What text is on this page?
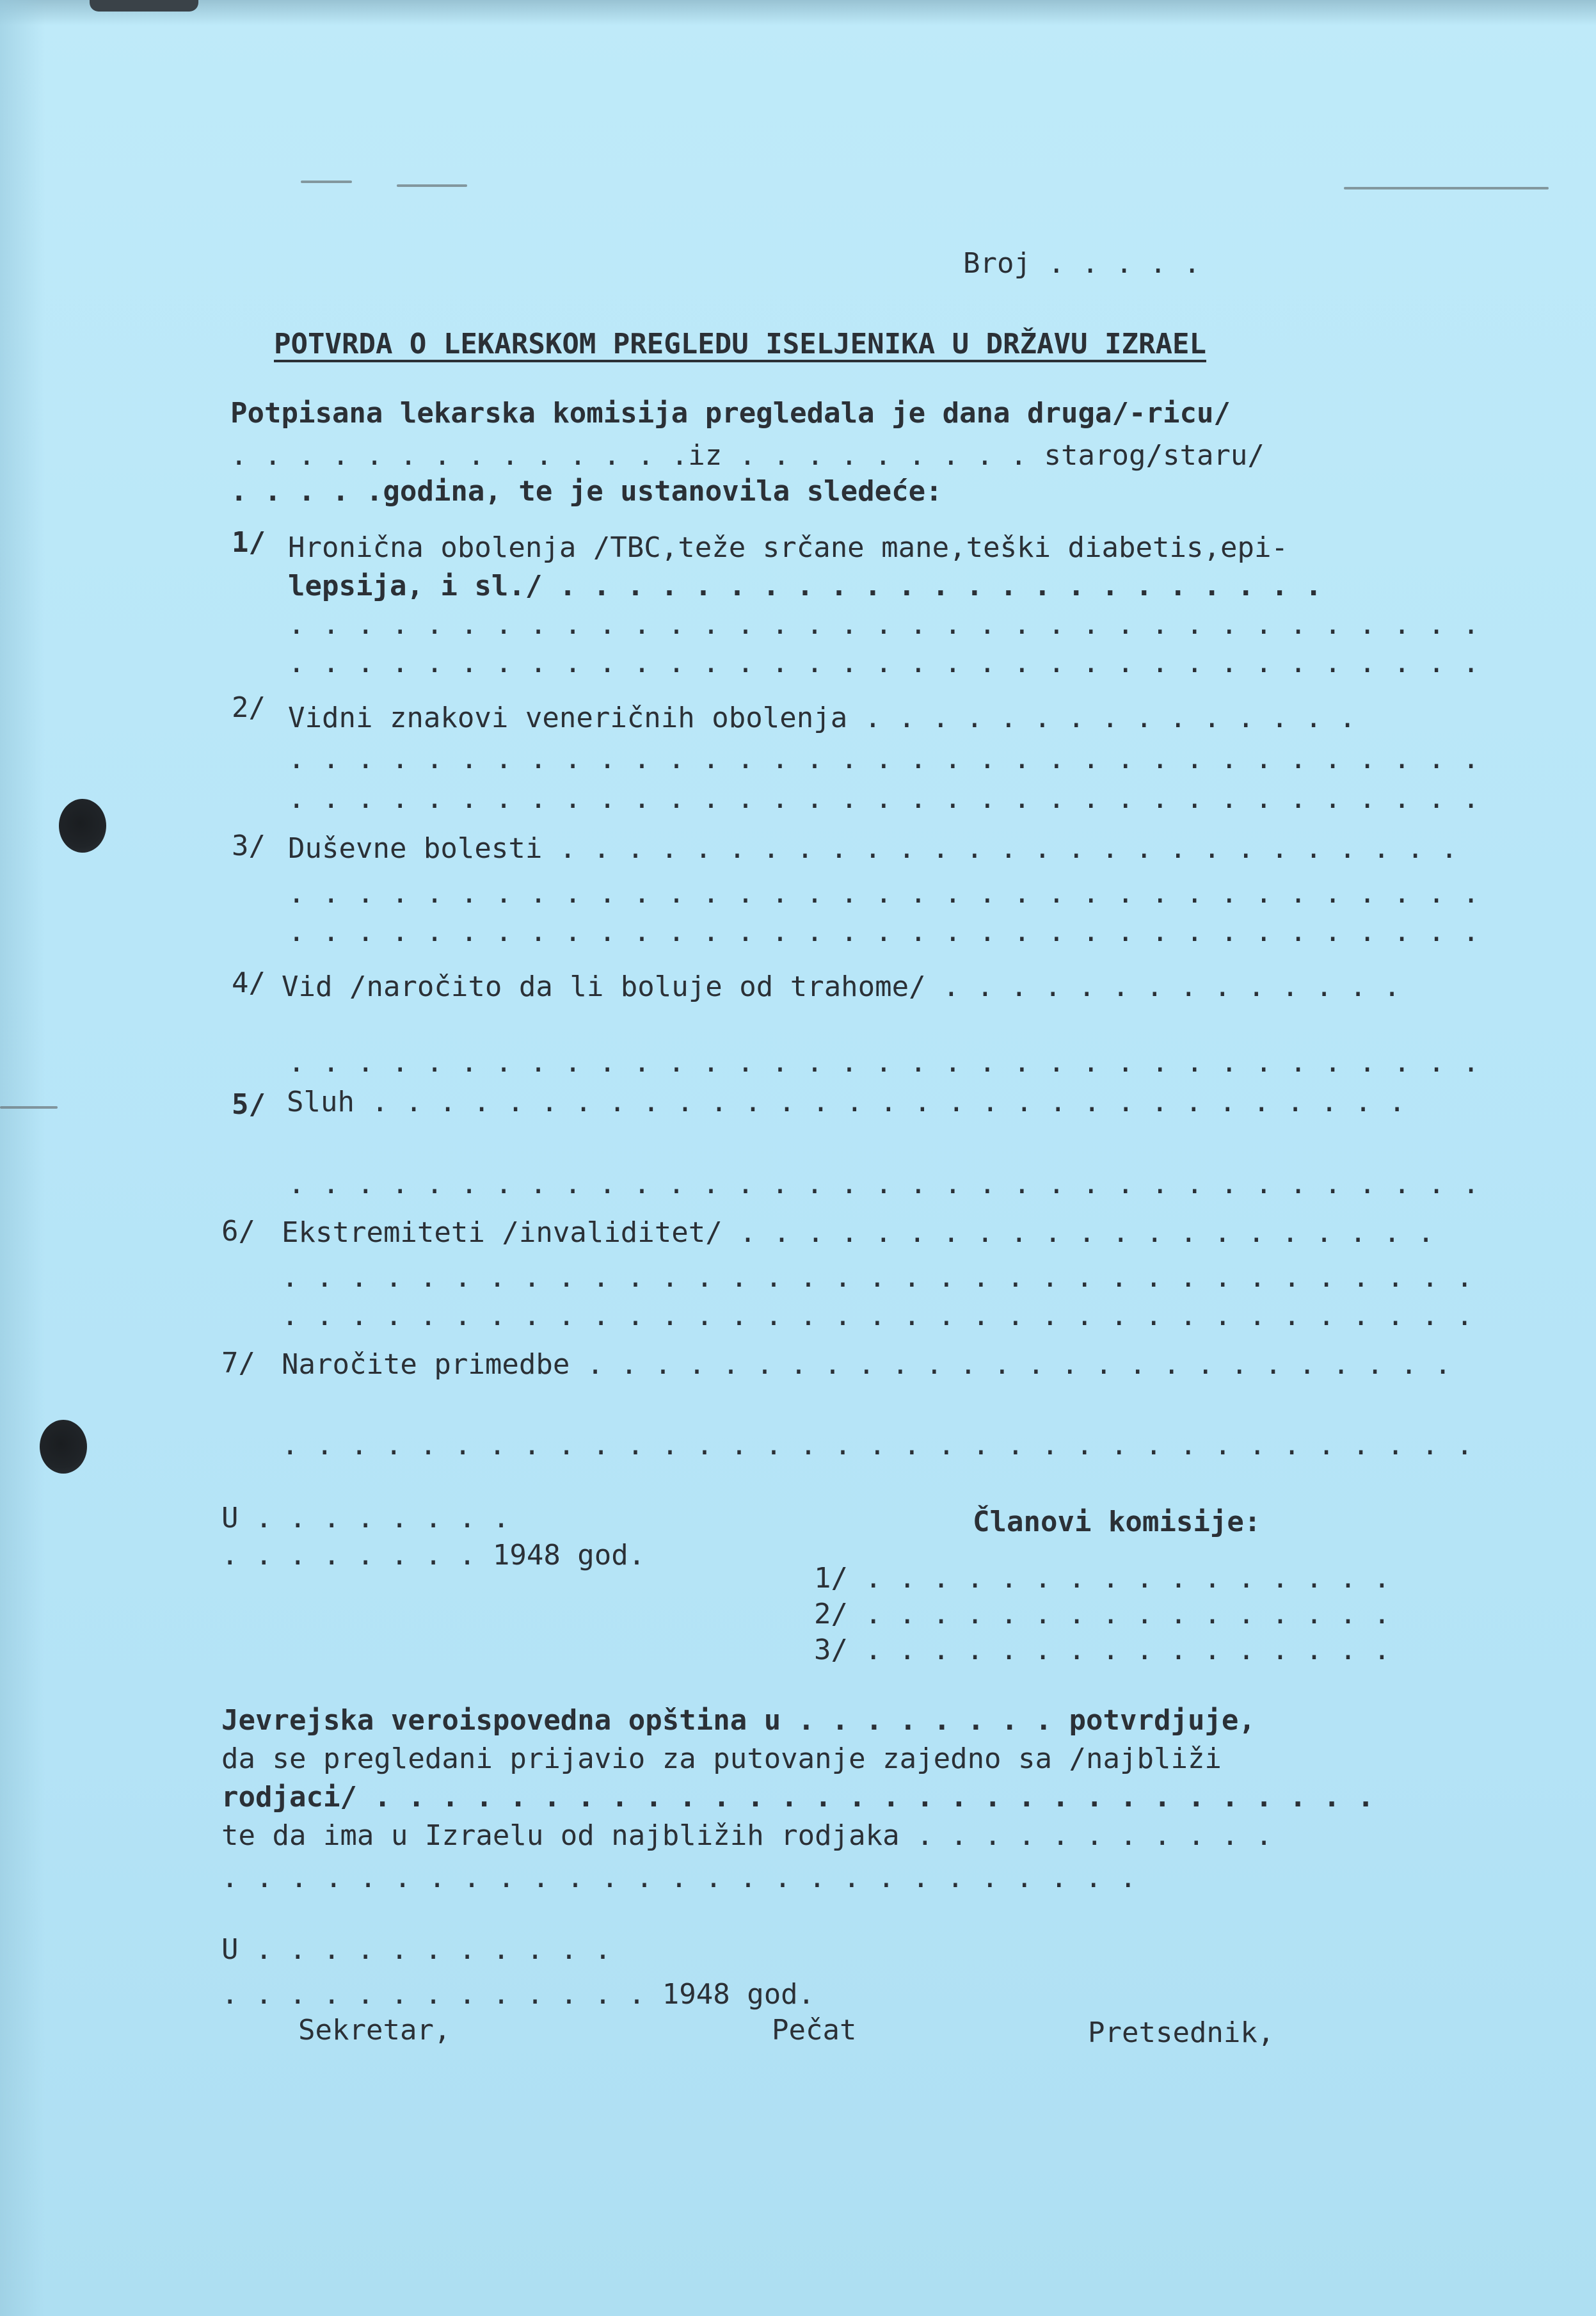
Broj . . . . .
POTVRDA O LEKARSKOM PREGLEDU ISELJENIKA U DRŽAVU IZRAEL
Potpisana lekarska komisija pregledala je dana druga/-ricu/
. . . . . . . . . . . . . .iz . . . . . . . . . starog/staru/
. . . . .godina, te je ustanovila sledeće:
1/ Hronična obolenja /TBC,teže srčane mane,teški diabetis,epi-
lepsija, i sl./ . . . . . . . . . . . . . . . . . . . . . . .
. . . . . . . . . . . . . . . . . . . . . . . . . . . . . . . . . . .
. . . . . . . . . . . . . . . . . . . . . . . . . . . . . . . . . . .
2/ Vidni znakovi veneričnih obolenja . . . . . . . . . . . . . . .
. . . . . . . . . . . . . . . . . . . . . . . . . . . . . . . . . . .
. . . . . . . . . . . . . . . . . . . . . . . . . . . . . . . . . . .
3/ Duševne bolesti . . . . . . . . . . . . . . . . . . . . . . . . . . .
. . . . . . . . . . . . . . . . . . . . . . . . . . . . . . . . . . .
. . . . . . . . . . . . . . . . . . . . . . . . . . . . . . . . . . .
4/ Vid /naročito da li boluje od trahome/ . . . . . . . . . . . . . .
. . . . . . . . . . . . . . . . . . . . . . . . . . . . . . . . . . .
5/ Sluh . . . . . . . . . . . . . . . . . . . . . . . . . . . . . . .
. . . . . . . . . . . . . . . . . . . . . . . . . . . . . . . . . . .
6/ Ekstremiteti /invaliditet/ . . . . . . . . . . . . . . . . . . . . .
. . . . . . . . . . . . . . . . . . . . . . . . . . . . . . . . . . .
. . . . . . . . . . . . . . . . . . . . . . . . . . . . . . . . . . .
7/ Naročite primedbe . . . . . . . . . . . . . . . . . . . . . . . . . .
. . . . . . . . . . . . . . . . . . . . . . . . . . . . . . . . . . .
U . . . . . . . .
. . . . . . . . 1948 god.
Članovi komisije:
1/ . . . . . . . . . . . . . . . .
2/ . . . . . . . . . . . . . . . .
3/ . . . . . . . . . . . . . . . .
Jevrejska veroispovedna opština u . . . . . . . . potvrdjuje,
da se pregledani prijavio za putovanje zajedno sa /najbliži
rodjaci/ . . . . . . . . . . . . . . . . . . . . . . . . . . . . . .
te da ima u Izraelu od najbližih rodjaka . . . . . . . . . . .
. . . . . . . . . . . . . . . . . . . . . . . . . . .
U . . . . . . . . . . .
. . . . . . . . . . . . . 1948 god.
Sekretar,	Pečat	Pretsednik,
